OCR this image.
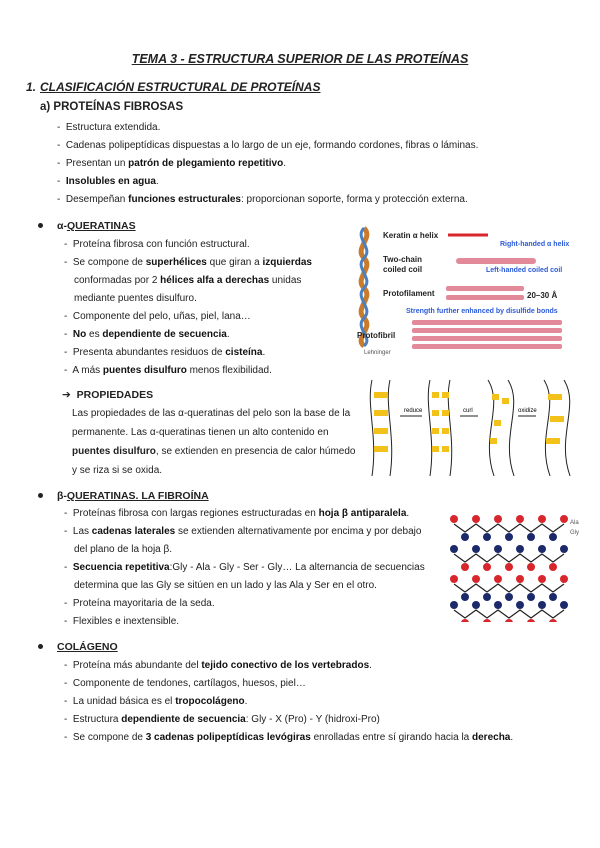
TEMA 3 - ESTRUCTURA SUPERIOR DE LAS PROTEÍNAS
1. CLASIFICACIÓN ESTRUCTURAL DE PROTEÍNAS
a) PROTEÍNAS FIBROSAS
-  Estructura extendida.
-  Cadenas polipeptídicas dispuestas a lo largo de un eje, formando cordones, fibras o láminas.
-  Presentan un patrón de plegamiento repetitivo.
-  Insolubles en agua.
-  Desempeñan funciones estructurales: proporcionan soporte, forma y protección externa.
α-QUERATINAS
-  Proteína fibrosa con función estructural.
-  Se compone de superhélices que giran a izquierdas
conformadas por 2 hélices alfa a derechas unidas
mediante puentes disulfuro.
-  Componente del pelo, uñas, piel, lana…
-  No es dependiente de secuencia.
-  Presenta abundantes residuos de cisteína.
-  A más puentes disulfuro menos flexibilidad.
Keratin α helix
Right-handed α helix
Two-chain
coiled coil	Left-handed coiled coil
Protofilament	20–30 Å
Strength further enhanced by disulfide bonds
Protofibril
Lehninger
➔ PROPIEDADES
Las propiedades de las α-queratinas del pelo son la base de la
permanente. Las α-queratinas tienen un alto contenido en
puentes disulfuro, se extienden en presencia de calor húmedo
y se riza si se oxida.
reduce	curl	oxidize
β-QUERATINAS. LA FIBROÍNA
-  Proteínas fibrosa con largas regiones estructuradas en hoja β antiparalela.
-  Las cadenas laterales se extienden alternativamente por encima y por debajo
del plano de la hoja β.
-  Secuencia repetitiva:Gly - Ala - Gly - Ser - Gly… La alternancia de secuencias
determina que las Gly se sitúen en un lado y las Ala y Ser en el otro.
-  Proteína mayoritaria de la seda.
-  Flexibles e inextensible.
Ala
Gly
COLÁGENO
-  Proteína más abundante del tejido conectivo de los vertebrados.
-  Componente de tendones, cartílagos, huesos, piel…
-  La unidad básica es el tropocolágeno.
-  Estructura dependiente de secuencia: Gly - X (Pro) - Y (hidroxi-Pro)
-  Se compone de 3 cadenas polipeptídicas levógiras enrolladas entre sí girando hacia la derecha.
